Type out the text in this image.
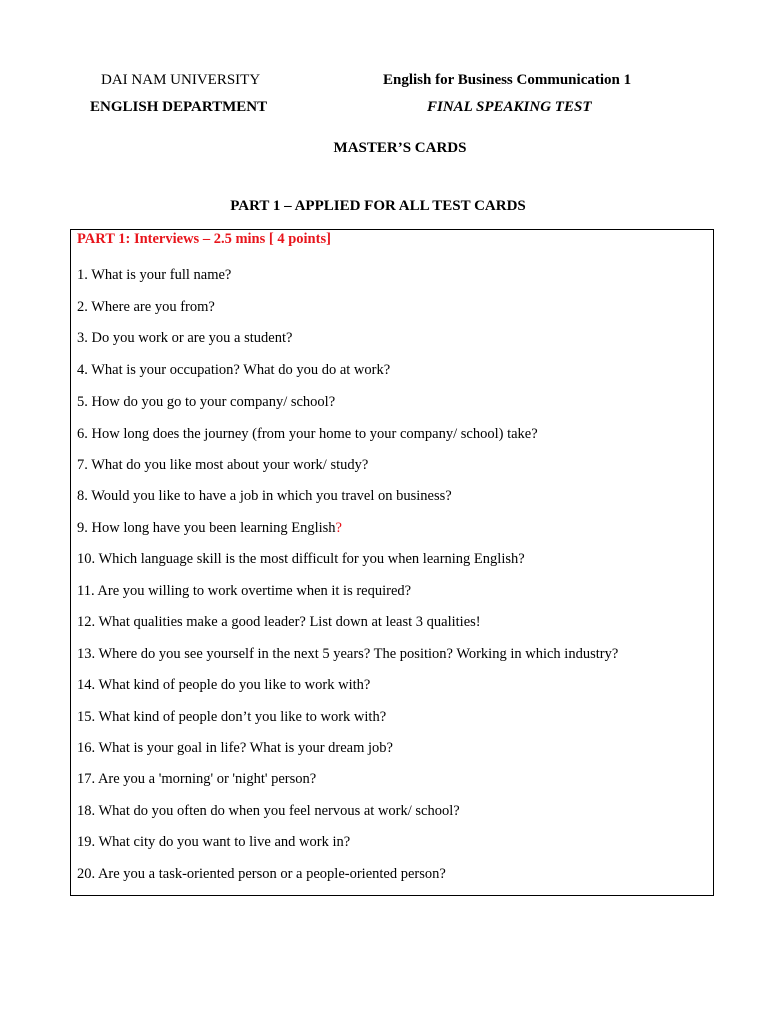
DAI NAM UNIVERSITY
ENGLISH DEPARTMENT
English for Business Communication 1
FINAL SPEAKING TEST
MASTER’S CARDS
PART 1 – APPLIED FOR ALL TEST CARDS
PART 1: Interviews – 2.5 mins [ 4 points]
1. What is your full name?
2. Where are you from?
3. Do you work or are you a student?
4. What is your occupation? What do you do at work?
5. How do you go to your company/ school?
6. How long does the journey (from your home to your company/ school) take?
7. What do you like most about your work/ study?
8. Would you like to have a job in which you travel on business?
9. How long have you been learning English?
10. Which language skill is the most difficult for you when learning English?
11. Are you willing to work overtime when it is required?
12. What qualities make a good leader? List down at least 3 qualities!
13. Where do you see yourself in the next 5 years? The position? Working in which industry?
14. What kind of people do you like to work with?
15. What kind of people don’t you like to work with?
16. What is your goal in life? What is your dream job?
17. Are you a 'morning' or 'night' person?
18. What do you often do when you feel nervous at work/ school?
19. What city do you want to live and work in?
20. Are you a task-oriented person or a people-oriented person?
